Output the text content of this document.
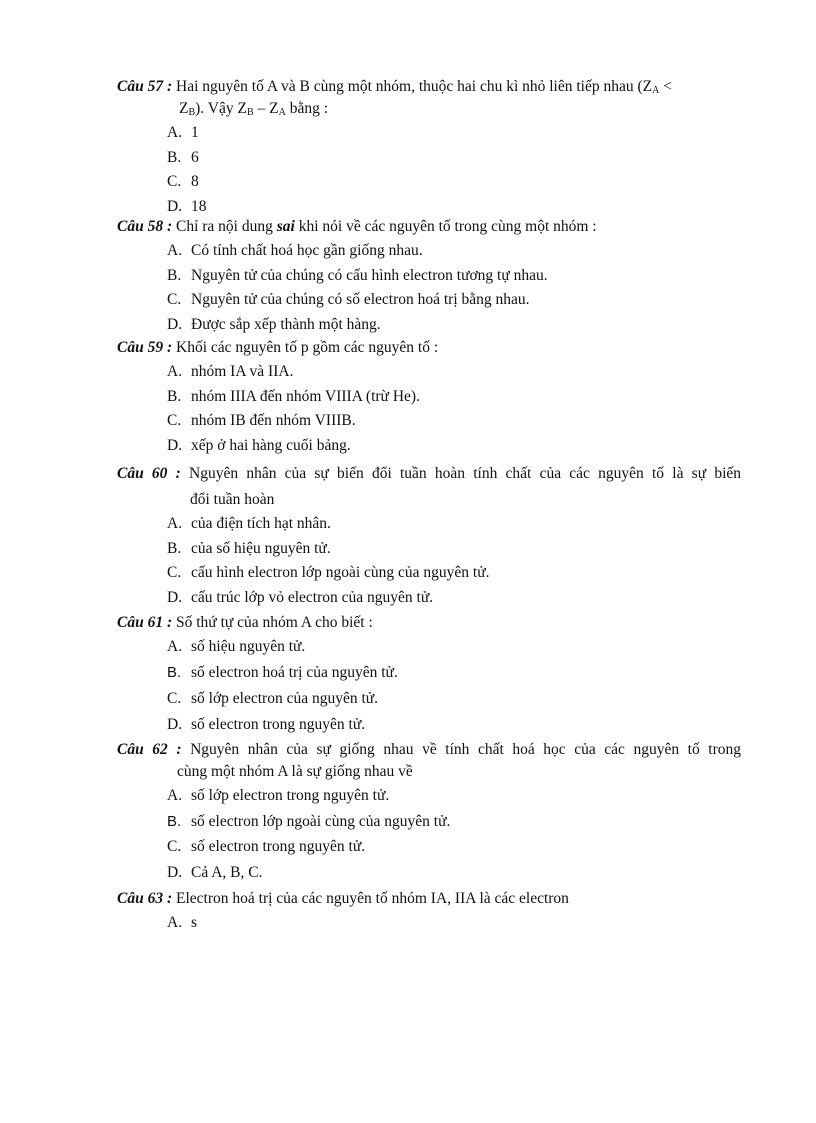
Câu 57 : Hai nguyên tố A và B cùng một nhóm, thuộc hai chu kì nhỏ liên tiếp nhau ($Z_A$ <
$Z_B$). Vậy $Z_B - Z_A$ bằng :
A. 1
B. 6
C. 8
D. 18
Câu 58 : Chỉ ra nội dung sai khi nói về các nguyên tố trong cùng một nhóm :
A. Có tính chất hoá học gần giống nhau.
B. Nguyên tử của chúng có cấu hình electron tương tự nhau.
C. Nguyên tử của chúng có số electron hoá trị bằng nhau.
D. Được sắp xếp thành một hàng.
Câu 59 : Khối các nguyên tố p gồm các nguyên tố :
A. nhóm IA và IIA.
B. nhóm IIIA đến nhóm VIIIA (trừ He).
C. nhóm IB đến nhóm VIIIB.
D. xếp ở hai hàng cuối bảng.
Câu 60 : Nguyên nhân của sự biến đổi tuần hoàn tính chất của các nguyên tố là sự biến
đổi tuần hoàn
A. của điện tích hạt nhân.
B. của số hiệu nguyên tử.
C. cấu hình electron lớp ngoài cùng của nguyên tử.
D. cấu trúc lớp vỏ electron của nguyên tử.
Câu 61 : Số thứ tự của nhóm A cho biết :
A. số hiệu nguyên tử.
B. số electron hoá trị của nguyên tử.
C. số lớp electron của nguyên tử.
D. số electron trong nguyên tử.
Câu 62 : Nguyên nhân của sự giống nhau về tính chất hoá học của các nguyên tố trong
cùng một nhóm A là sự giống nhau về
A. số lớp electron trong nguyên tử.
B. số electron lớp ngoài cùng của nguyên tử.
C. số electron trong nguyên tử.
D. Cả A, B, C.
Câu 63 : Electron hoá trị của các nguyên tố nhóm IA, IIA là các electron
A. s
